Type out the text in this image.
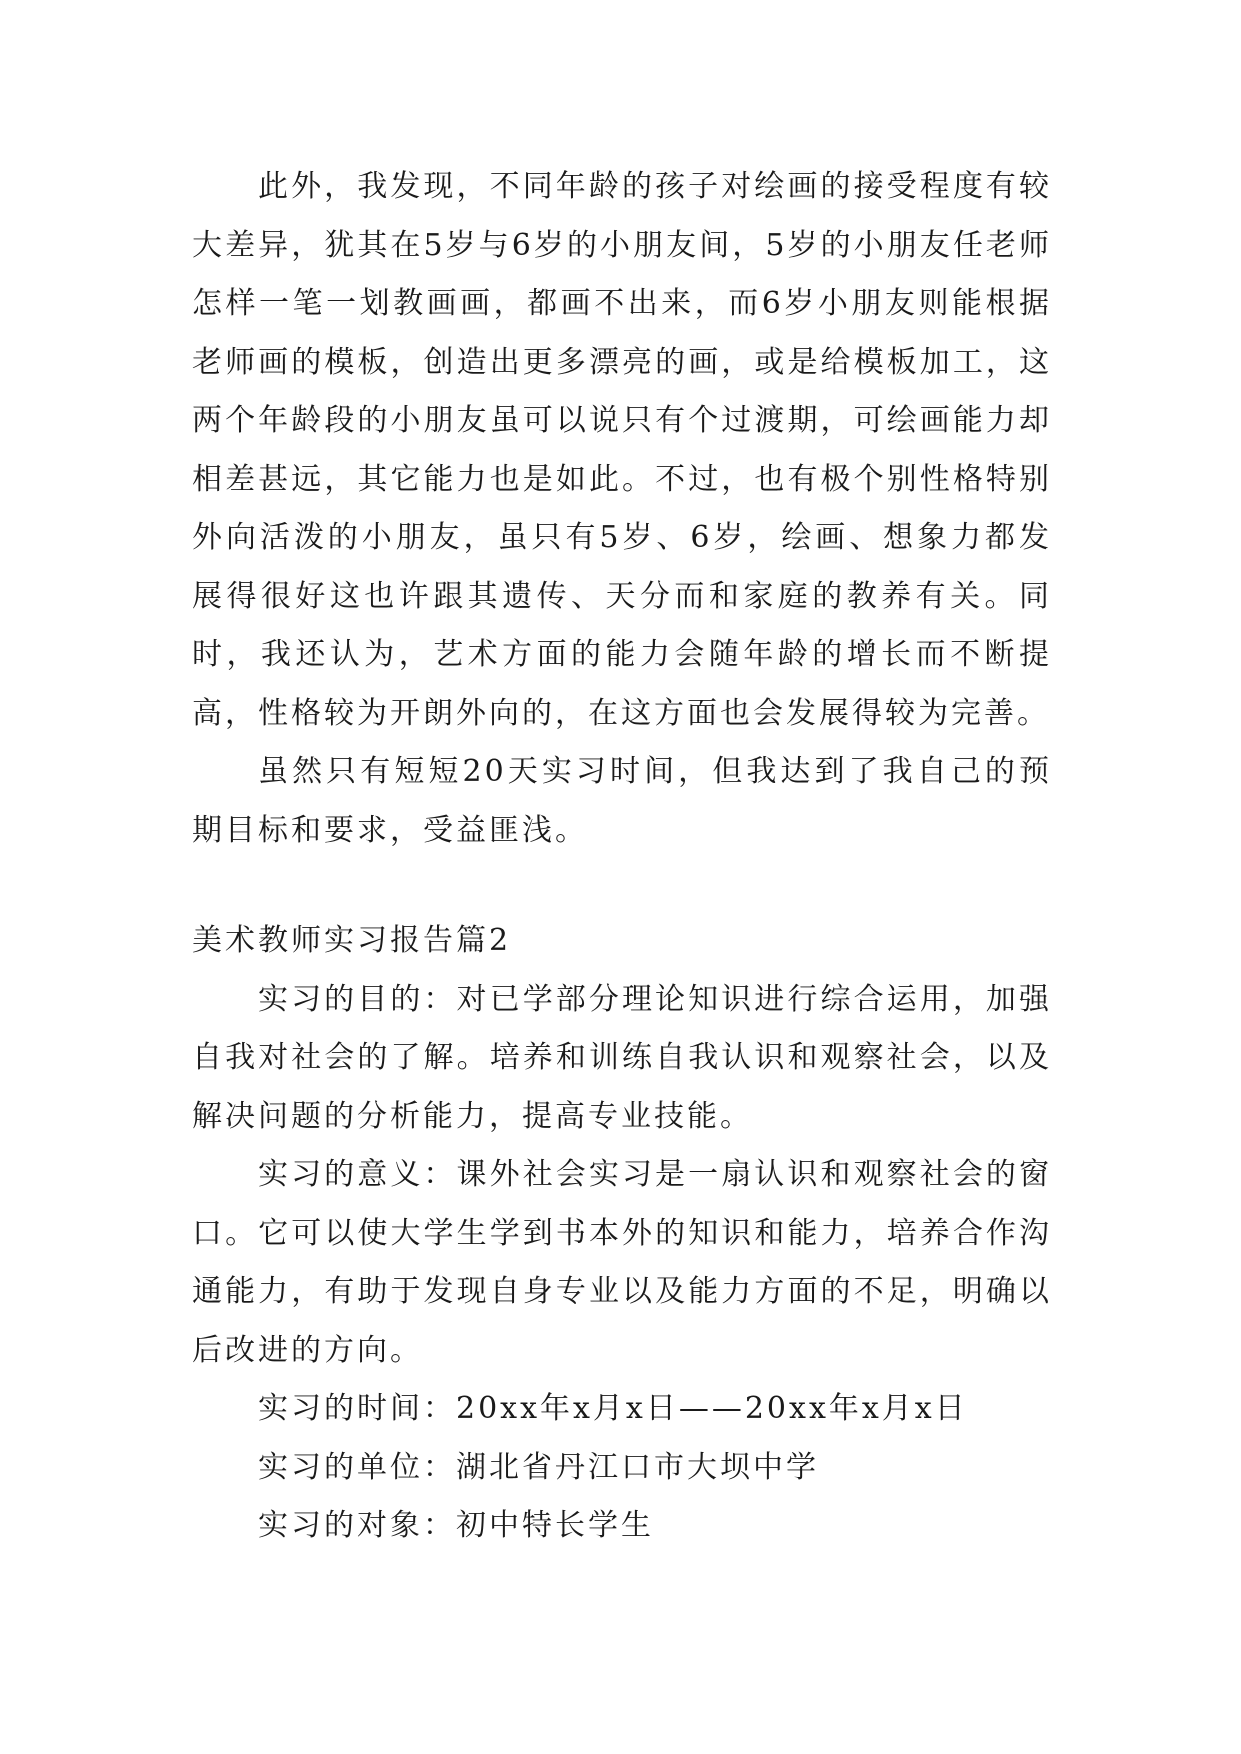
此外，我发现，不同年龄的孩子对绘画的接受程度有较大差异，犹其在5岁与6岁的小朋友间，5岁的小朋友任老师怎样一笔一划教画画，都画不出来，而6岁小朋友则能根据老师画的模板，创造出更多漂亮的画，或是给模板加工，这两个年龄段的小朋友虽可以说只有个过渡期，可绘画能力却相差甚远，其它能力也是如此。不过，也有极个别性格特别外向活泼的小朋友，虽只有5岁、6岁，绘画、想象力都发展得很好这也许跟其遗传、天分而和家庭的教养有关。同时，我还认为，艺术方面的能力会随年龄的增长而不断提高，性格较为开朗外向的，在这方面也会发展得较为完善。

虽然只有短短20天实习时间，但我达到了我自己的预期目标和要求，受益匪浅。

美术教师实习报告篇2

实习的目的：对已学部分理论知识进行综合运用，加强自我对社会的了解。培养和训练自我认识和观察社会，以及解决问题的分析能力，提高专业技能。

实习的意义：课外社会实习是一扇认识和观察社会的窗口。它可以使大学生学到书本外的知识和能力，培养合作沟通能力，有助于发现自身专业以及能力方面的不足，明确以后改进的方向。

实习的时间：20xx年x月x日——20xx年x月x日

实习的单位：湖北省丹江口市大坝中学

实习的对象：初中特长学生
